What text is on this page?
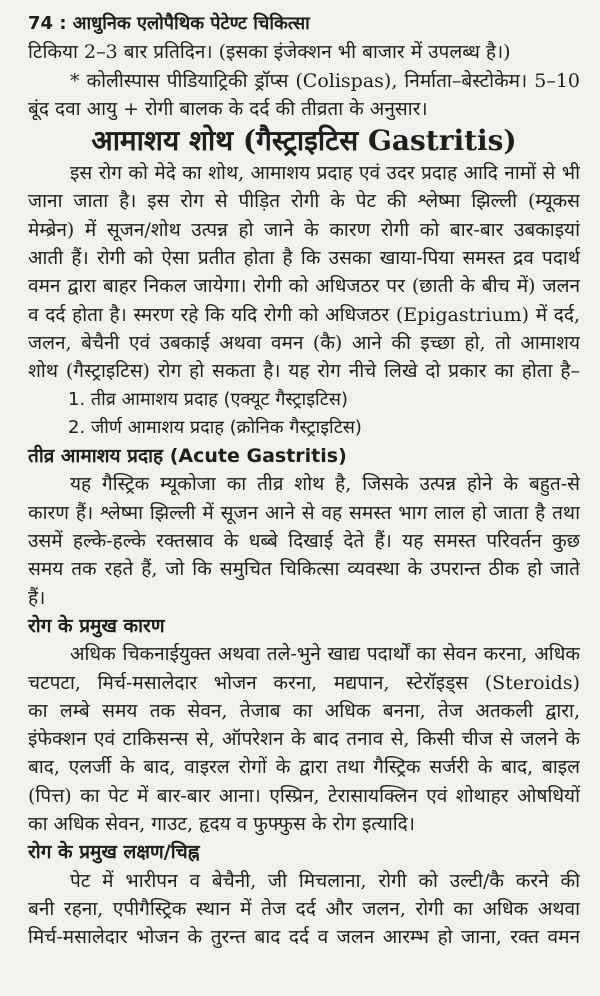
74 : आधुनिक एलोपैथिक पेटेण्ट चिकित्सा
टिकिया 2–3 बार प्रतिदिन। (इसका इंजेक्शन भी बाजार में उपलब्ध है।)
* कोलीस्पास पीडियाट्रिकी ड्रॉप्स (Colispas), निर्माता–बेस्टोकेम। 5–10
बूंद दवा आयु + रोगी बालक के दर्द की तीव्रता के अनुसार।
आमाशय शोथ (गैस्ट्राइटिस Gastritis)
इस रोग को मेदे का शोथ, आमाशय प्रदाह एवं उदर प्रदाह आदि नामों से भी
जाना जाता है। इस रोग से पीड़ित रोगी के पेट की श्लेष्मा झिल्ली (म्यूकस
मेम्ब्रेन) में सूजन/शोथ उत्पन्न हो जाने के कारण रोगी को बार-बार उबकाइयां
आती हैं। रोगी को ऐसा प्रतीत होता है कि उसका खाया-पिया समस्त द्रव पदार्थ
वमन द्वारा बाहर निकल जायेगा। रोगी को अधिजठर पर (छाती के बीच में) जलन
व दर्द होता है। स्मरण रहे कि यदि रोगी को अधिजठर (Epigastrium) में दर्द,
जलन, बेचैनी एवं उबकाई अथवा वमन (कै) आने की इच्छा हो, तो आमाशय
शोथ (गैस्ट्राइटिस) रोग हो सकता है। यह रोग नीचे लिखे दो प्रकार का होता है–
1. तीव्र आमाशय प्रदाह (एक्यूट गैस्ट्राइटिस)
2. जीर्ण आमाशय प्रदाह (क्रोनिक गैस्ट्राइटिस)
तीव्र आमाशय प्रदाह (Acute Gastritis)
यह गैस्ट्रिक म्यूकोजा का तीव्र शोथ है, जिसके उत्पन्न होने के बहुत-से
कारण हैं। श्लेष्मा झिल्ली में सूजन आने से वह समस्त भाग लाल हो जाता है तथा
उसमें हल्के-हल्के रक्तस्राव के धब्बे दिखाई देते हैं। यह समस्त परिवर्तन कुछ
समय तक रहते हैं, जो कि समुचित चिकित्सा व्यवस्था के उपरान्त ठीक हो जाते
हैं।
रोग के प्रमुख कारण
अधिक चिकनाईयुक्त अथवा तले-भुने खाद्य पदार्थों का सेवन करना, अधिक
चटपटा, मिर्च-मसालेदार भोजन करना, मद्यपान, स्टेरॉइड्स (Steroids)
का लम्बे समय तक सेवन, तेजाब का अधिक बनना, तेज अतकली द्वारा,
इंफेक्शन एवं टाकिसन्स से, ऑपरेशन के बाद तनाव से, किसी चीज से जलने के
बाद, एलर्जी के बाद, वाइरल रोगों के द्वारा तथा गैस्ट्रिक सर्जरी के बाद, बाइल
(पित्त) का पेट में बार-बार आना। एस्प्रिन, टेरासायक्लिन एवं शोथाहर ओषधियों
का अधिक सेवन, गाउट, हृदय व फुफ्फुस के रोग इत्यादि।
रोग के प्रमुख लक्षण/चिह्न
पेट में भारीपन व बेचैनी, जी मिचलाना, रोगी को उल्टी/कै करने की
बनी रहना, एपीगैस्ट्रिक स्थान में तेज दर्द और जलन, रोगी का अधिक अथवा
मिर्च-मसालेदार भोजन के तुरन्त बाद दर्द व जलन आरम्भ हो जाना, रक्त वमन
